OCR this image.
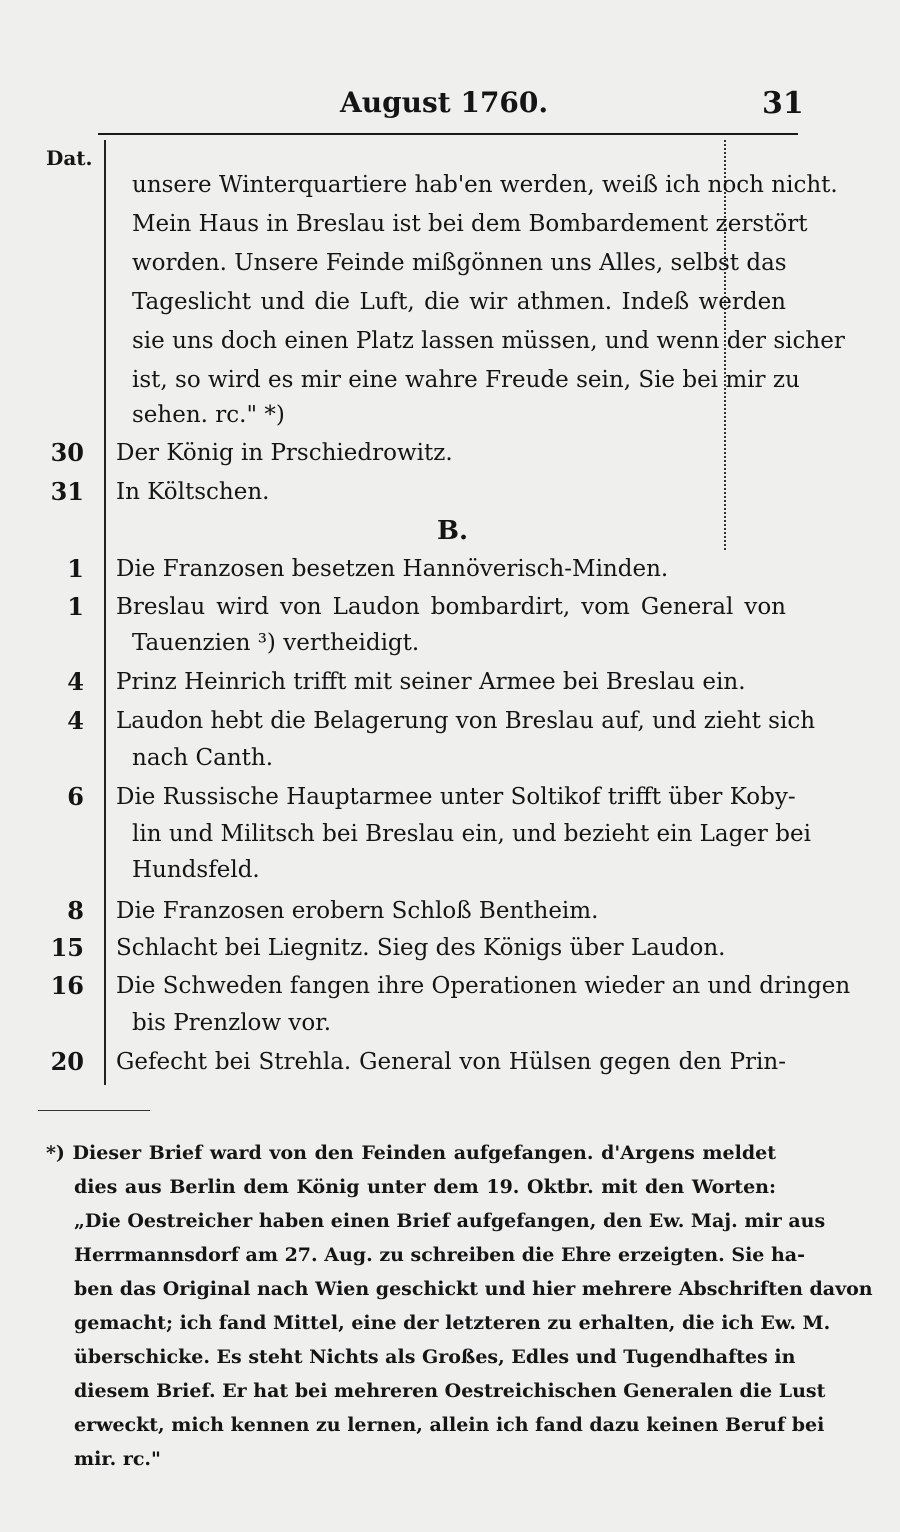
August 1760.	31
Dat.
unsere Winterquartiere hab'en werden, weiß ich noch nicht.
Mein Haus in Breslau ist bei dem Bombardement zerstört
worden. Unsere Feinde mißgönnen uns Alles, selbst das
Tageslicht und die Luft, die wir athmen. Indeß werden
sie uns doch einen Platz lassen müssen, und wenn der sicher
ist, so wird es mir eine wahre Freude sein, Sie bei mir zu
sehen. rc." *)
30 Der König in Prschiedrowitz.
31 In Költschen.
B.
1 Die Franzosen besetzen Hannöverisch-Minden.
1 Breslau wird von Laudon bombardirt, vom General von
Tauenzien ³) vertheidigt.
4 Prinz Heinrich trifft mit seiner Armee bei Breslau ein.
4 Laudon hebt die Belagerung von Breslau auf, und zieht sich
nach Canth.
6 Die Russische Hauptarmee unter Soltikof trifft über Koby-
lin und Militsch bei Breslau ein, und bezieht ein Lager bei
Hundsfeld.
8 Die Franzosen erobern Schloß Bentheim.
15 Schlacht bei Liegnitz. Sieg des Königs über Laudon.
16 Die Schweden fangen ihre Operationen wieder an und dringen
bis Prenzlow vor.
20 Gefecht bei Strehla. General von Hülsen gegen den Prin-
*) Dieser Brief ward von den Feinden aufgefangen. d'Argens meldet
dies aus Berlin dem König unter dem 19. Oktbr. mit den Worten:
„Die Oestreicher haben einen Brief aufgefangen, den Ew. Maj. mir aus
Herrmannsdorf am 27. Aug. zu schreiben die Ehre erzeigten. Sie ha-
ben das Original nach Wien geschickt und hier mehrere Abschriften davon
gemacht; ich fand Mittel, eine der letzteren zu erhalten, die ich Ew. M.
überschicke. Es steht Nichts als Großes, Edles und Tugendhaftes in
diesem Brief. Er hat bei mehreren Oestreichischen Generalen die Lust
erweckt, mich kennen zu lernen, allein ich fand dazu keinen Beruf bei
mir. rc."
